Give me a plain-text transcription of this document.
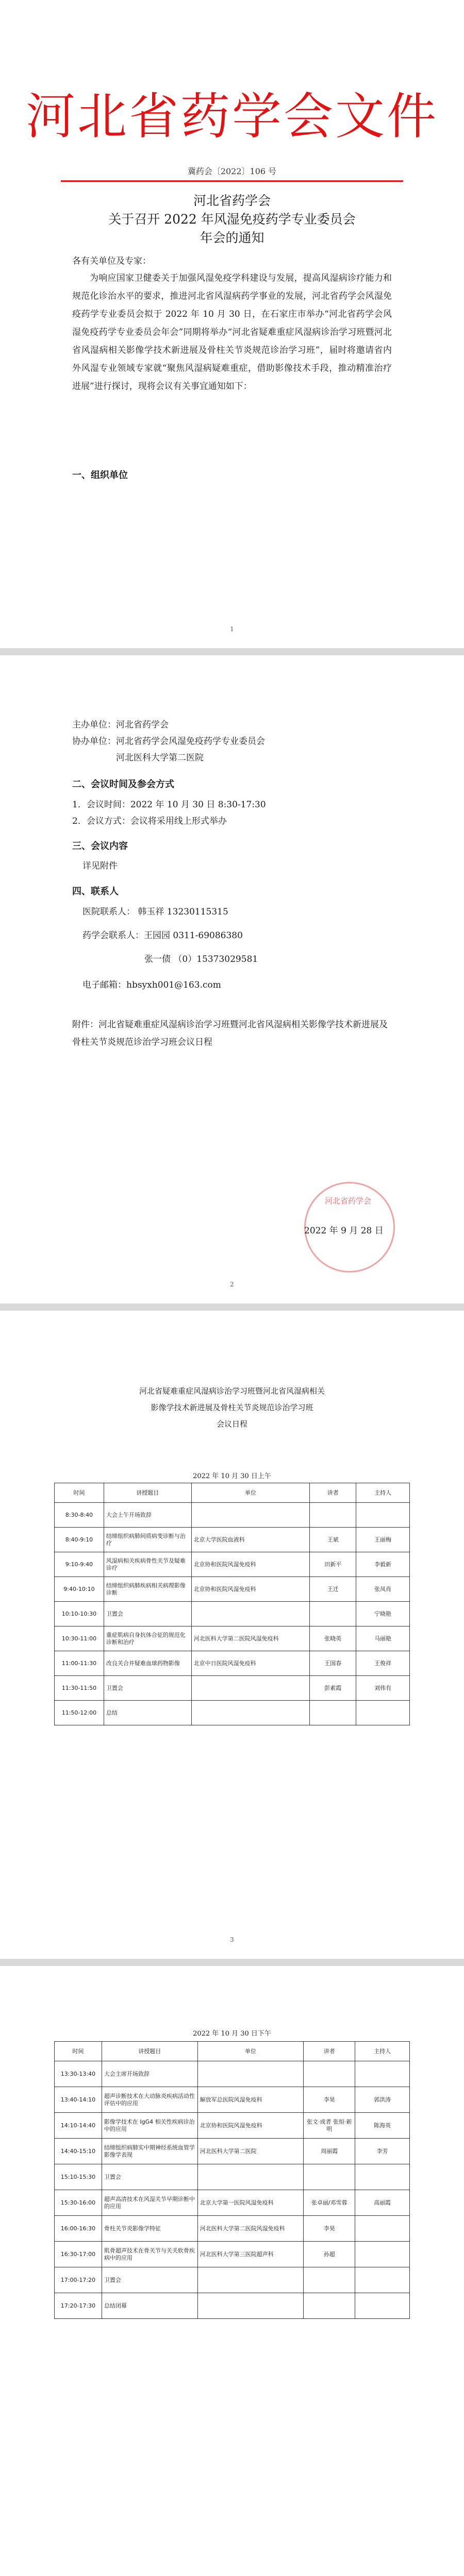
河北省药学会文件
冀药会〔2022〕106 号
河北省药学会
关于召开 2022 年风湿免疫药学专业委员会
年会的通知
各有关单位及专家：
为响应国家卫健委关于加强风湿免疫学科建设与发展，提高风湿病诊疗能力和规范化诊治水平的要求，推进河北省风湿病药学事业的发展，河北省药学会风湿免疫药学专业委员会拟于 2022 年 10 月 30 日，在石家庄市举办“河北省药学会风湿免疫药学专业委员会年会”同期将举办“河北省疑难重症风湿病诊治学习班暨河北省风湿病相关影像学技术新进展及骨柱关节炎规范诊治学习班”，届时将邀请省内外风湿专业领域专家就“聚焦风湿病疑难重症，借助影像技术手段，推动精准治疗进展”进行探讨，现将会议有关事宜通知如下：
一、组织单位
1
主办单位：河北省药学会
协办单位：河北省药学会风湿免疫药学专业委员会
河北医科大学第二医院
二、会议时间及参会方式
1．会议时间：2022 年 10 月 30 日 8:30-17:30
2．会议方式：会议将采用线上形式举办
三、会议内容
详见附件
四、联系人
医院联系人： 韩玉祥 13230115315
药学会联系人：王园园 0311-69086380
张一债 （0）15373029581
电子邮箱：hbsyxh001@163.com
附件：河北省疑难重症风湿病诊治学习班暨河北省风湿病相关影像学技术新进展及骨柱关节炎规范诊治学习班会议日程
河北省药学会
2022 年 9 月 28 日
2
河北省疑难重症风湿病诊治学习班暨河北省风湿病相关
影像学技术新进展及骨柱关节炎规范诊治学习班
会议日程
2022 年 10 月 30 日上午
时间	讲授题目	单位	讲者	主持人
8:30-8:40	大会上午开场致辞			
8:40-9:10	结缔组织病肺间质病变诊断与治疗	北京大学医院血液科	王斌	王丽梅
9:10-9:40	风湿病相关疾病骨性关节及疑难诊疗	北京协和医院风湿免疫科	田新平	李毅新
9:40-10:10	结缔组织病肺疾病相关病理影像诊断	北京协和医院风湿免疫科	王迁	张凤肖
10:10-10:30	卫置会			宁晓艳
10:30-11:00	重症肌病自身抗体合征的规范化诊断和治疗	河北医科大学第二医院风湿免疫科	张晓英	马丽艳
11:00-11:30	改良关合并疑难血球药物影像	北京中日医院风湿免疫科	王国春	王俊祥
11:30-11:50	卫置会		彭素霞	刘伟有
11:50-12:00	总结			
3
2022 年 10 月 30 日下午
时间	讲授题目	单位	讲者	主持人
13:30-13:40	大会主席开场致辞			
13:40-14:10	超声诊断技术在大动脉炎疾病活动性评估中的应用	解放军总医院风湿免疫科	李昊	郭洪涛
14:10-14:40	影像学技术在 IgG4 相关性疾病诊治中的应用	北京协和医院风湿免疫科	张文·成者 张烜·新明	陈海英
14:40-15:10	结缔组织病肺实中期神经系统血管学影像学表现	河北医科大学第二医院	周丽霞	李芳
15:10-15:30	卫置会			
15:30-16:00	超声高清技术在风湿关节早期诊断中的应用	北京大学第一医院风湿免疫科	张卓丽/邓雪蓉	高丽霞
16:00-16:30	骨柱关节炎影像学特征	河北医科大学第二医院风湿免疫科	李昊	
16:30-17:00	肌骨超声技术在骨关节与关关软骨疾病中的应用	河北医科大学第三医院超声科	孙超	
17:00-17:20	卫置会			
17:20-17:30	总结闭幕			
